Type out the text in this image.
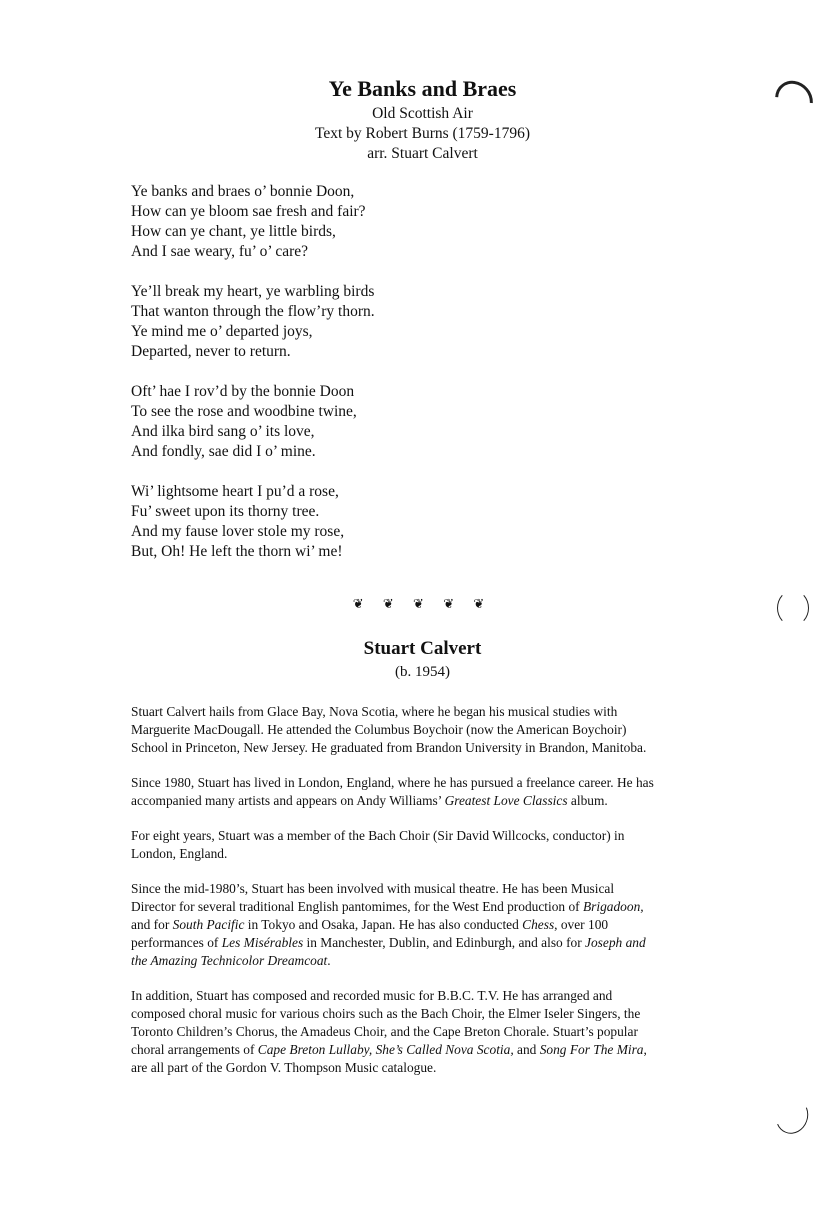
Ye Banks and Braes

Old Scottish Air

Text by Robert Burns (1759-1796)

arr. Stuart Calvert

Ye banks and braes o’ bonnie Doon,
How can ye bloom sae fresh and fair?
How can ye chant, ye little birds,
And I sae weary, fu’ o’ care?
Ye’ll break my heart, ye warbling birds
That wanton through the flow’ry thorn.
Ye mind me o’ departed joys,
Departed, never to return.
Oft’ hae I rov’d by the bonnie Doon
To see the rose and woodbine twine,
And ilka bird sang o’ its love,
And fondly, sae did I o’ mine.
Wi’ lightsome heart I pu’d a rose,
Fu’ sweet upon its thorny tree.
And my fause lover stole my rose,
But, Oh! He left the thorn wi’ me!
❦ ❦ ❦ ❦ ❦

Stuart Calvert

(b. 1954)

Stuart Calvert hails from Glace Bay, Nova Scotia, where he began his musical studies with
Marguerite MacDougall. He attended the Columbus Boychoir (now the American Boychoir)
School in Princeton, New Jersey. He graduated from Brandon University in Brandon, Manitoba.

Since 1980, Stuart has lived in London, England, where he has pursued a freelance career. He has
accompanied many artists and appears on Andy Williams’ Greatest Love Classics album.

For eight years, Stuart was a member of the Bach Choir (Sir David Willcocks, conductor) in
London, England.

Since the mid-1980’s, Stuart has been involved with musical theatre. He has been Musical
Director for several traditional English pantomimes, for the West End production of Brigadoon,
and for South Pacific in Tokyo and Osaka, Japan. He has also conducted Chess, over 100
performances of Les Misérables in Manchester, Dublin, and Edinburgh, and also for Joseph and
the Amazing Technicolor Dreamcoat.

In addition, Stuart has composed and recorded music for B.B.C. T.V. He has arranged and
composed choral music for various choirs such as the Bach Choir, the Elmer Iseler Singers, the
Toronto Children’s Chorus, the Amadeus Choir, and the Cape Breton Chorale. Stuart’s popular
choral arrangements of Cape Breton Lullaby, She’s Called Nova Scotia, and Song For The Mira,
are all part of the Gordon V. Thompson Music catalogue.
